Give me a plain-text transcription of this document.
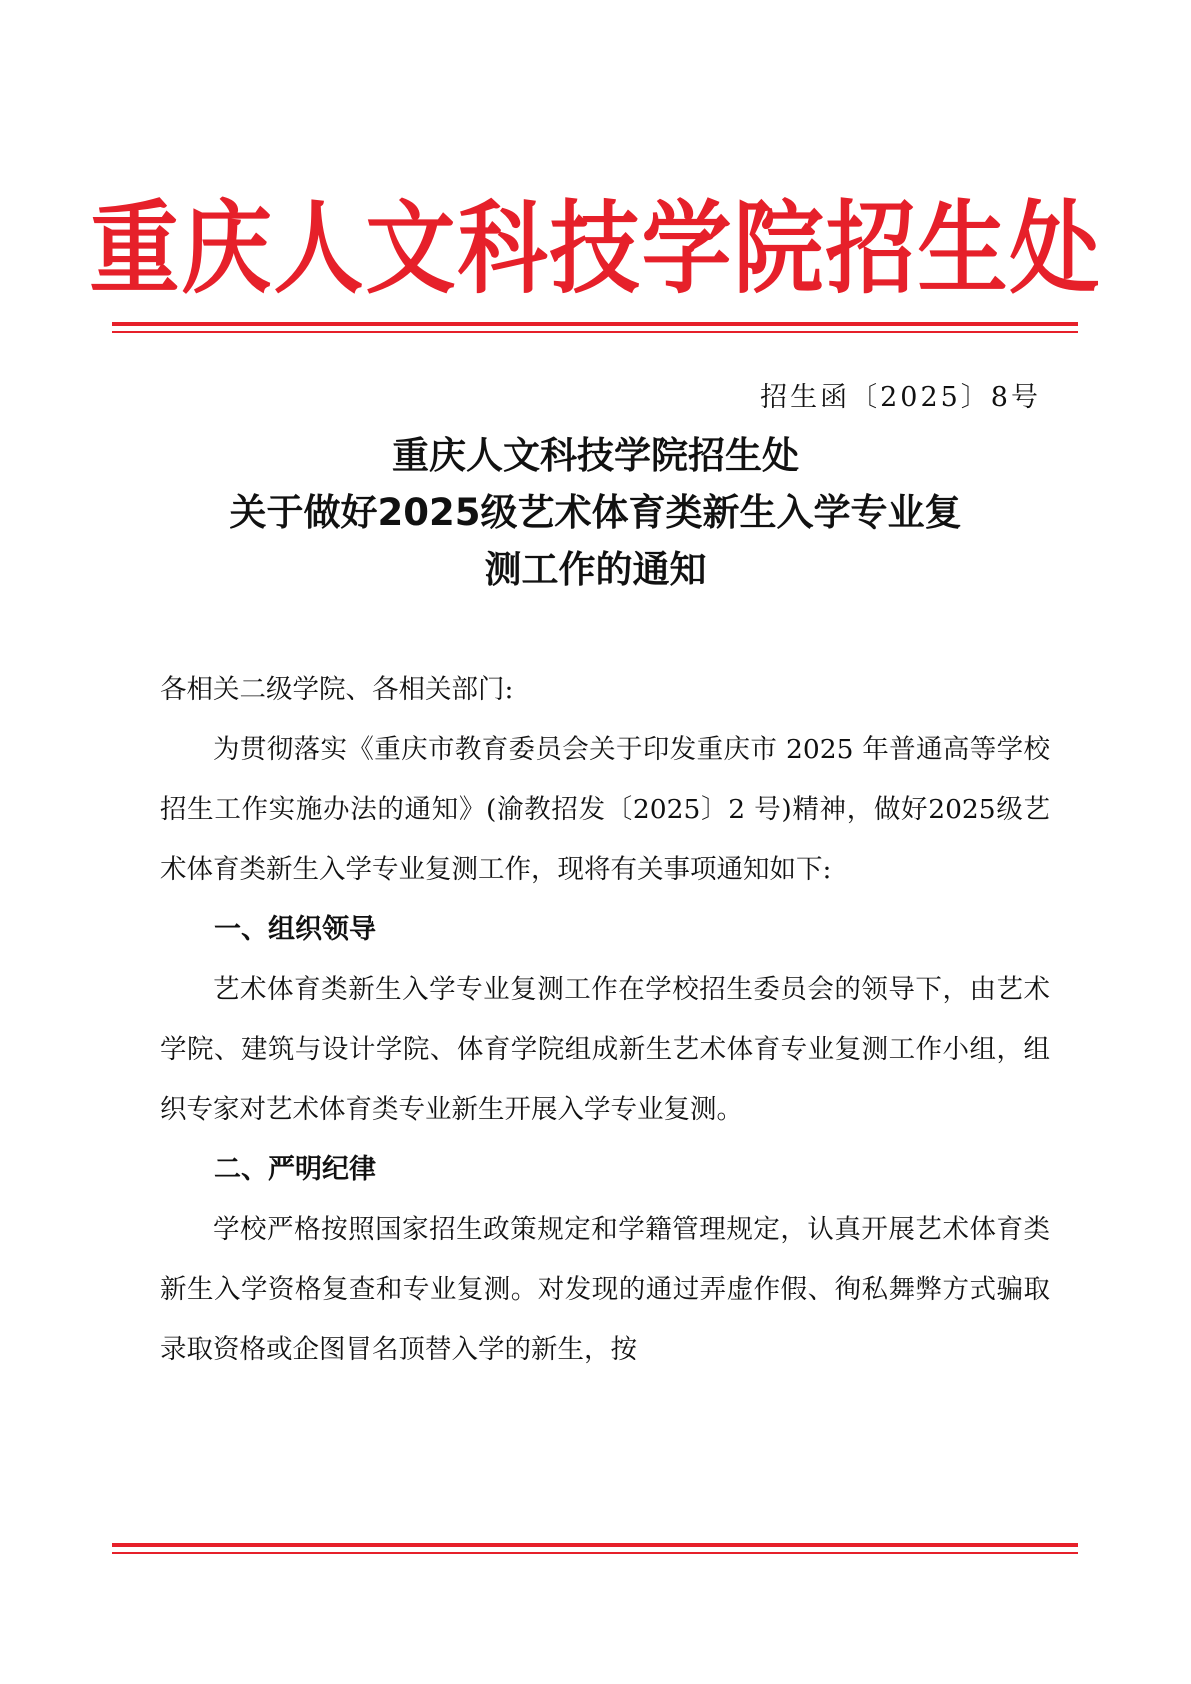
重庆人文科技学院招生处
招生函〔2025〕8号
重庆人文科技学院招生处
关于做好2025级艺术体育类新生入学专业复
测工作的通知

各相关二级学院、各相关部门:

为贯彻落实《重庆市教育委员会关于印发重庆市 2025 年普通高等学校招生工作实施办法的通知》(渝教招发〔2025〕2 号)精神，做好2025级艺术体育类新生入学专业复测工作，现将有关事项通知如下:

一、组织领导

艺术体育类新生入学专业复测工作在学校招生委员会的领导下，由艺术学院、建筑与设计学院、体育学院组成新生艺术体育专业复测工作小组，组织专家对艺术体育类专业新生开展入学专业复测。

二、严明纪律

学校严格按照国家招生政策规定和学籍管理规定，认真开展艺术体育类新生入学资格复查和专业复测。对发现的通过弄虚作假、徇私舞弊方式骗取录取资格或企图冒名顶替入学的新生，按
